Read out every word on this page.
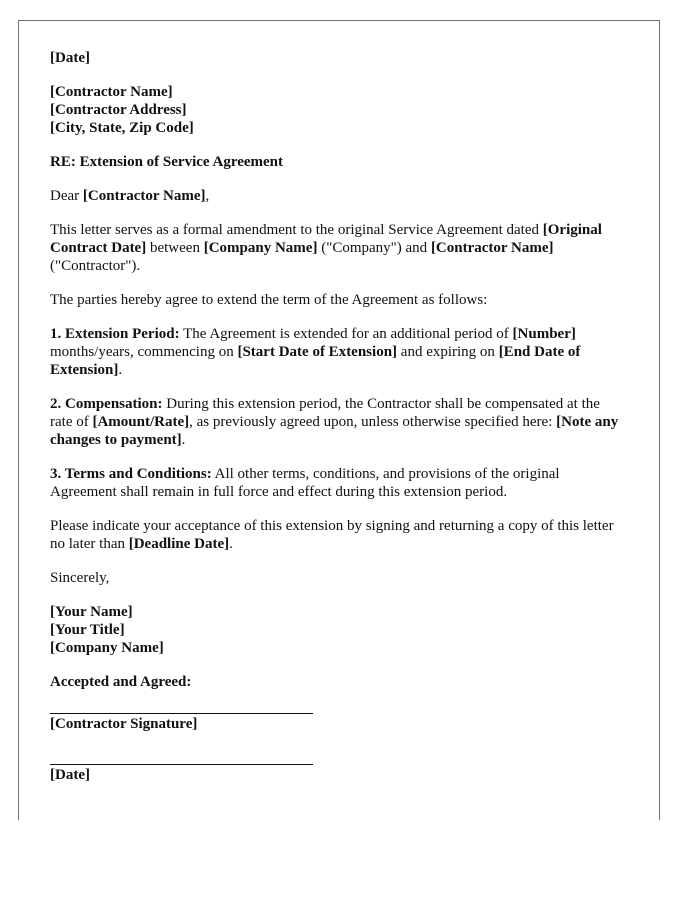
[Date]

[Contractor Name]
[Contractor Address]
[City, State, Zip Code]

RE: Extension of Service Agreement

Dear [Contractor Name],

This letter serves as a formal amendment to the original Service Agreement dated [Original Contract Date] between [Company Name] ("Company") and [Contractor Name] ("Contractor").

The parties hereby agree to extend the term of the Agreement as follows:

1. Extension Period: The Agreement is extended for an additional period of [Number] months/years, commencing on [Start Date of Extension] and expiring on [End Date of Extension].

2. Compensation: During this extension period, the Contractor shall be compensated at the rate of [Amount/Rate], as previously agreed upon, unless otherwise specified here: [Note any changes to payment].

3. Terms and Conditions: All other terms, conditions, and provisions of the original Agreement shall remain in full force and effect during this extension period.

Please indicate your acceptance of this extension by signing and returning a copy of this letter no later than [Deadline Date].

Sincerely,

[Your Name]
[Your Title]
[Company Name]

Accepted and Agreed:

[Contractor Signature]

[Date]
